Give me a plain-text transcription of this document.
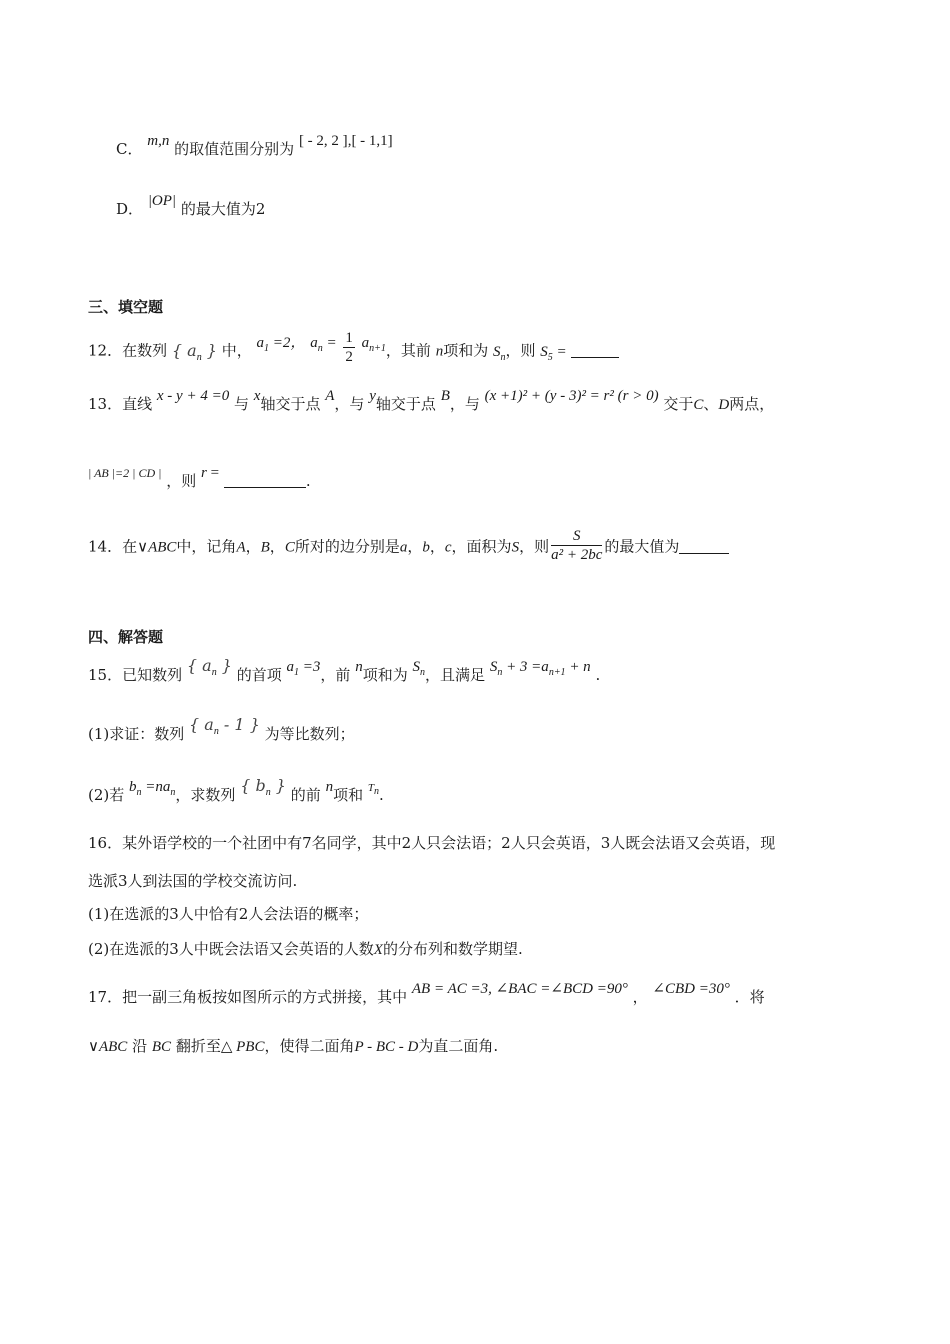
C． m,n 的取值范围分别为 [ - 2, 2 ],[ - 1,1]
D． |OP| 的最大值为2
三、填空题
12．在数列 { $a_n$ } 中， $a_1 =2$， $a_n = \frac{1}{2} a_{n+1}$，其前 n项和为 $S_n$，则 $S_5$ =
13．直线 x - y + 4 =0 与 x轴交于点 A，与 y轴交于点 B，与 (x +1)² + (y - 3)² = r² (r > 0) 交于C、D两点，
$^{| AB |=2 | CD |}$ ，则 r =	.
14．在∨ABC中，记角A，B，C所对的边分别是a，b，c，面积为S，则 $\frac{S}{\text{a² + 2bc}}$ 的最大值为
四、解答题
15．已知数列 { $a_n$ } 的首项 $a_1 =3$，前 n项和为 $S_n$，且满足 $S_n + 3 =a_{n+1} + n$ .
(1)求证：数列 { $a_n - 1$ } 为等比数列；
(2)若 $b_n =na_n$，求数列 { $b_n$ } 的前 n项和 $^{T_n}$.
16．某外语学校的一个社团中有7名同学，其中2人只会法语；2人只会英语，3人既会法语又会英语，现
选派3人到法国的学校交流访问.
(1)在选派的3人中恰有2人会法语的概率；
(2)在选派的3人中既会法语又会英语的人数X的分布列和数学期望.
17．把一副三角板按如图所示的方式拼接，其中 AB = AC =3, ∠BAC =∠BCD =90° ， ∠CBD =30° ．将
∨ABC 沿 BC 翻折至△ PBC，使得二面角P - BC - D为直二面角.
